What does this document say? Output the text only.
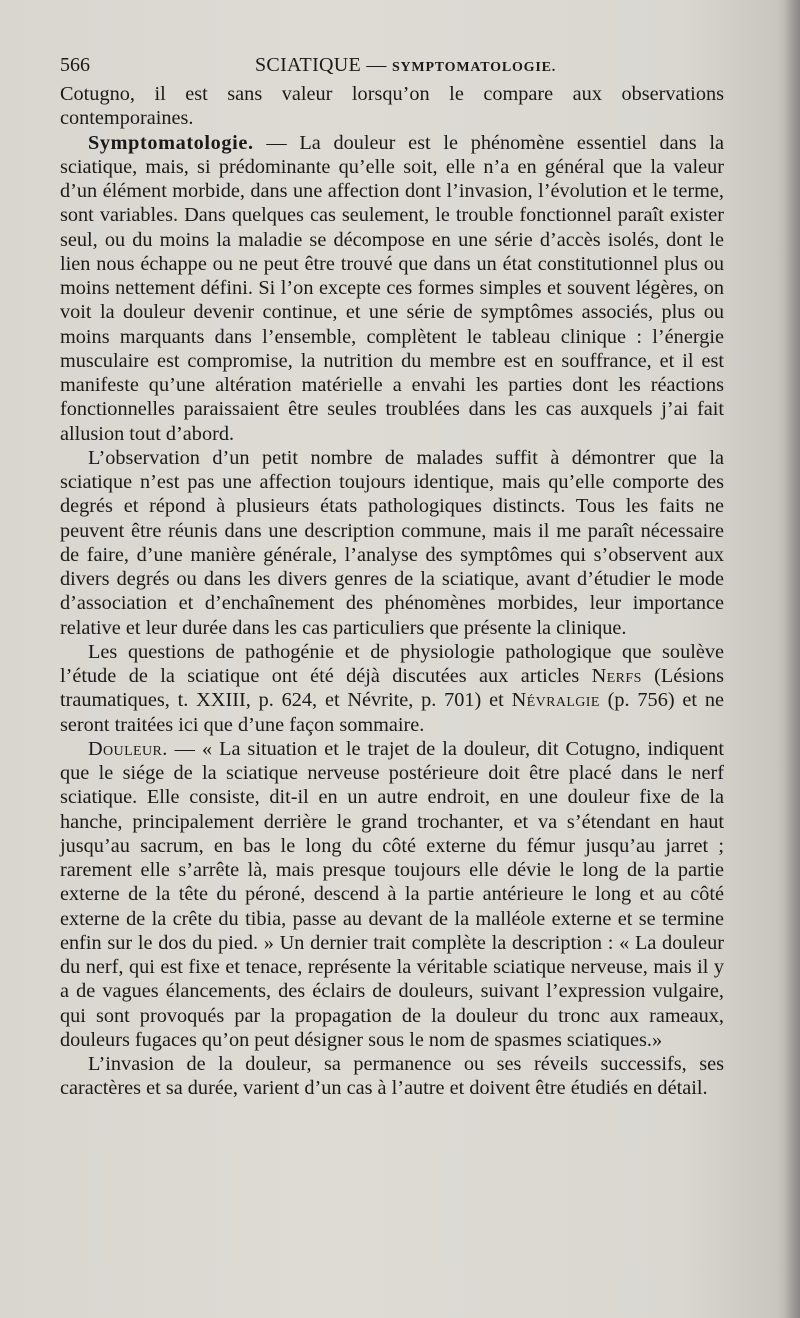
566	SCIATIQUE — SYMPTOMATOLOGIE.

Cotugno, il est sans valeur lorsqu’on le compare aux observations contemporaines.

Symptomatologie. — La douleur est le phénomène essentiel dans la sciatique, mais, si prédominante qu’elle soit, elle n’a en général que la valeur d’un élément morbide, dans une affection dont l’invasion, l’évolution et le terme, sont variables. Dans quelques cas seulement, le trouble fonctionnel paraît exister seul, ou du moins la maladie se décompose en une série d’accès isolés, dont le lien nous échappe ou ne peut être trouvé que dans un état constitutionnel plus ou moins nettement défini. Si l’on excepte ces formes simples et souvent légères, on voit la douleur devenir continue, et une série de symptômes associés, plus ou moins marquants dans l’ensemble, complètent le tableau clinique : l’énergie musculaire est compromise, la nutrition du membre est en souffrance, et il est manifeste qu’une altération matérielle a envahi les parties dont les réactions fonctionnelles paraissaient être seules troublées dans les cas auxquels j’ai fait allusion tout d’abord.

L’observation d’un petit nombre de malades suffit à démontrer que la sciatique n’est pas une affection toujours identique, mais qu’elle comporte des degrés et répond à plusieurs états pathologiques distincts. Tous les faits ne peuvent être réunis dans une description commune, mais il me paraît nécessaire de faire, d’une manière générale, l’analyse des symptômes qui s’observent aux divers degrés ou dans les divers genres de la sciatique, avant d’étudier le mode d’association et d’enchaînement des phénomènes morbides, leur importance relative et leur durée dans les cas particuliers que présente la clinique.

Les questions de pathogénie et de physiologie pathologique que soulève l’étude de la sciatique ont été déjà discutées aux articles Nerfs (Lésions traumatiques, t. XXIII, p. 624, et Névrite, p. 701) et Névralgie (p. 756) et ne seront traitées ici que d’une façon sommaire.

Douleur. — « La situation et le trajet de la douleur, dit Cotugno, indiquent que le siége de la sciatique nerveuse postérieure doit être placé dans le nerf sciatique. Elle consiste, dit-il en un autre endroit, en une douleur fixe de la hanche, principalement derrière le grand trochanter, et va s’étendant en haut jusqu’au sacrum, en bas le long du côté externe du fémur jusqu’au jarret ; rarement elle s’arrête là, mais presque toujours elle dévie le long de la partie externe de la tête du péroné, descend à la partie antérieure le long et au côté externe de la crête du tibia, passe au devant de la malléole externe et se termine enfin sur le dos du pied. » Un dernier trait complète la description : « La douleur du nerf, qui est fixe et tenace, représente la véritable sciatique nerveuse, mais il y a de vagues élancements, des éclairs de douleurs, suivant l’expression vulgaire, qui sont provoqués par la propagation de la douleur du tronc aux rameaux, douleurs fugaces qu’on peut désigner sous le nom de spasmes sciatiques.»

L’invasion de la douleur, sa permanence ou ses réveils successifs, ses caractères et sa durée, varient d’un cas à l’autre et doivent être étudiés en détail.
